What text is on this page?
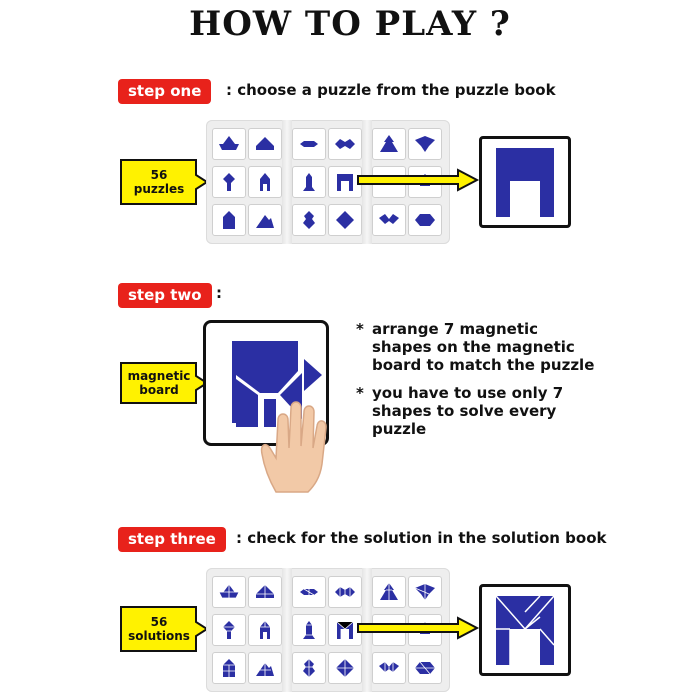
HOW TO PLAY ?
step one	: choose a puzzle from the puzzle book
56
puzzles
step two :
magnetic
board
* arrange 7 magnetic shapes on the magnetic board to match the puzzle
* you have to use only 7 shapes to solve every puzzle
step three	: check for the solution in the solution book
56
solutions
